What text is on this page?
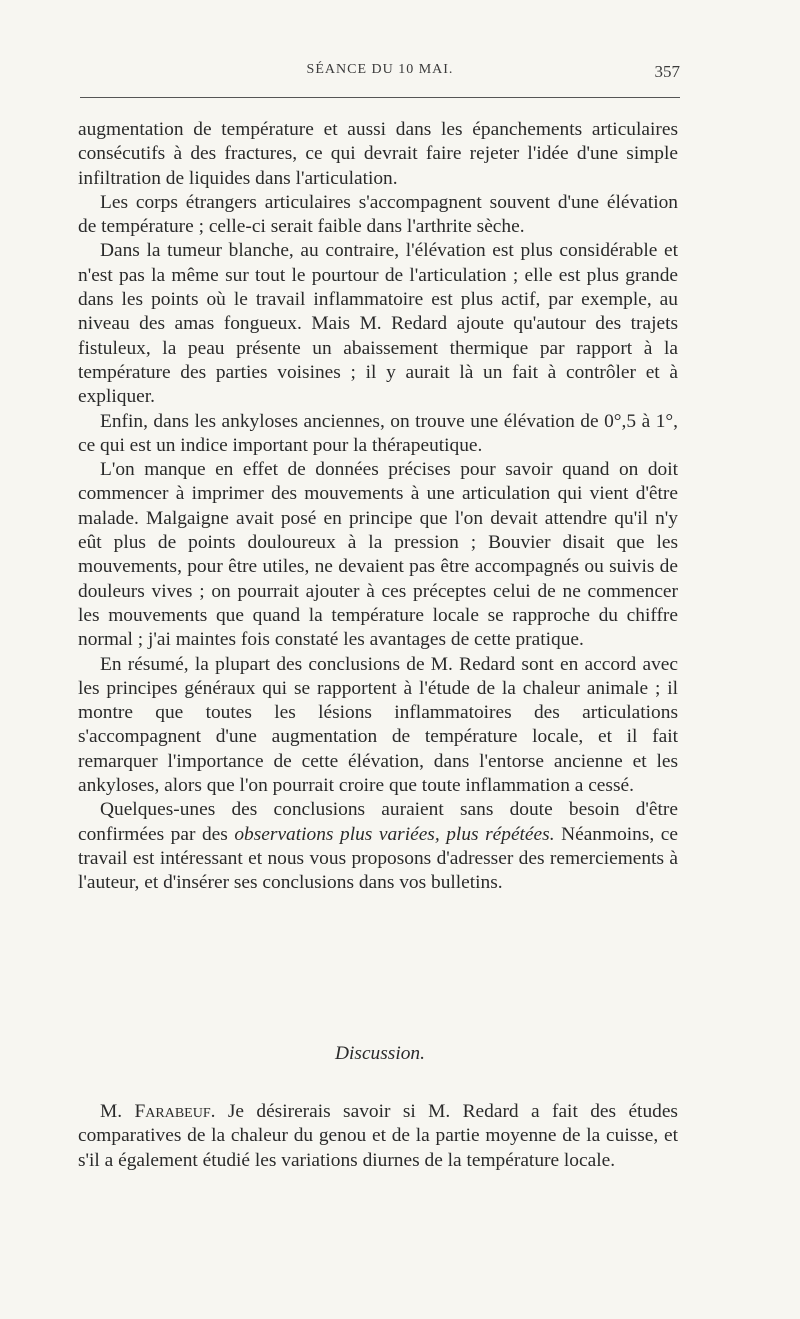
SÉANCE DU 10 MAI.	357

augmentation de température et aussi dans les épanchements articulaires consécutifs à des fractures, ce qui devrait faire rejeter l'idée d'une simple infiltration de liquides dans l'articulation.

Les corps étrangers articulaires s'accompagnent souvent d'une élévation de température ; celle-ci serait faible dans l'arthrite sèche.

Dans la tumeur blanche, au contraire, l'élévation est plus considérable et n'est pas la même sur tout le pourtour de l'articulation ; elle est plus grande dans les points où le travail inflammatoire est plus actif, par exemple, au niveau des amas fongueux. Mais M. Redard ajoute qu'autour des trajets fistuleux, la peau présente un abaissement thermique par rapport à la température des parties voisines ; il y aurait là un fait à contrôler et à expliquer.

Enfin, dans les ankyloses anciennes, on trouve une élévation de 0°,5 à 1°, ce qui est un indice important pour la thérapeutique.

L'on manque en effet de données précises pour savoir quand on doit commencer à imprimer des mouvements à une articulation qui vient d'être malade. Malgaigne avait posé en principe que l'on devait attendre qu'il n'y eût plus de points douloureux à la pression ; Bouvier disait que les mouvements, pour être utiles, ne devaient pas être accompagnés ou suivis de douleurs vives ; on pourrait ajouter à ces préceptes celui de ne commencer les mouvements que quand la température locale se rapproche du chiffre normal ; j'ai maintes fois constaté les avantages de cette pratique.

En résumé, la plupart des conclusions de M. Redard sont en accord avec les principes généraux qui se rapportent à l'étude de la chaleur animale ; il montre que toutes les lésions inflammatoires des articulations s'accompagnent d'une augmentation de température locale, et il fait remarquer l'importance de cette élévation, dans l'entorse ancienne et les ankyloses, alors que l'on pourrait croire que toute inflammation a cessé.

Quelques-unes des conclusions auraient sans doute besoin d'être confirmées par des observations plus variées, plus répétées. Néanmoins, ce travail est intéressant et nous vous proposons d'adresser des remerciements à l'auteur, et d'insérer ses conclusions dans vos bulletins.

Discussion.

M. Farabeuf. Je désirerais savoir si M. Redard a fait des études comparatives de la chaleur du genou et de la partie moyenne de la cuisse, et s'il a également étudié les variations diurnes de la température locale.
